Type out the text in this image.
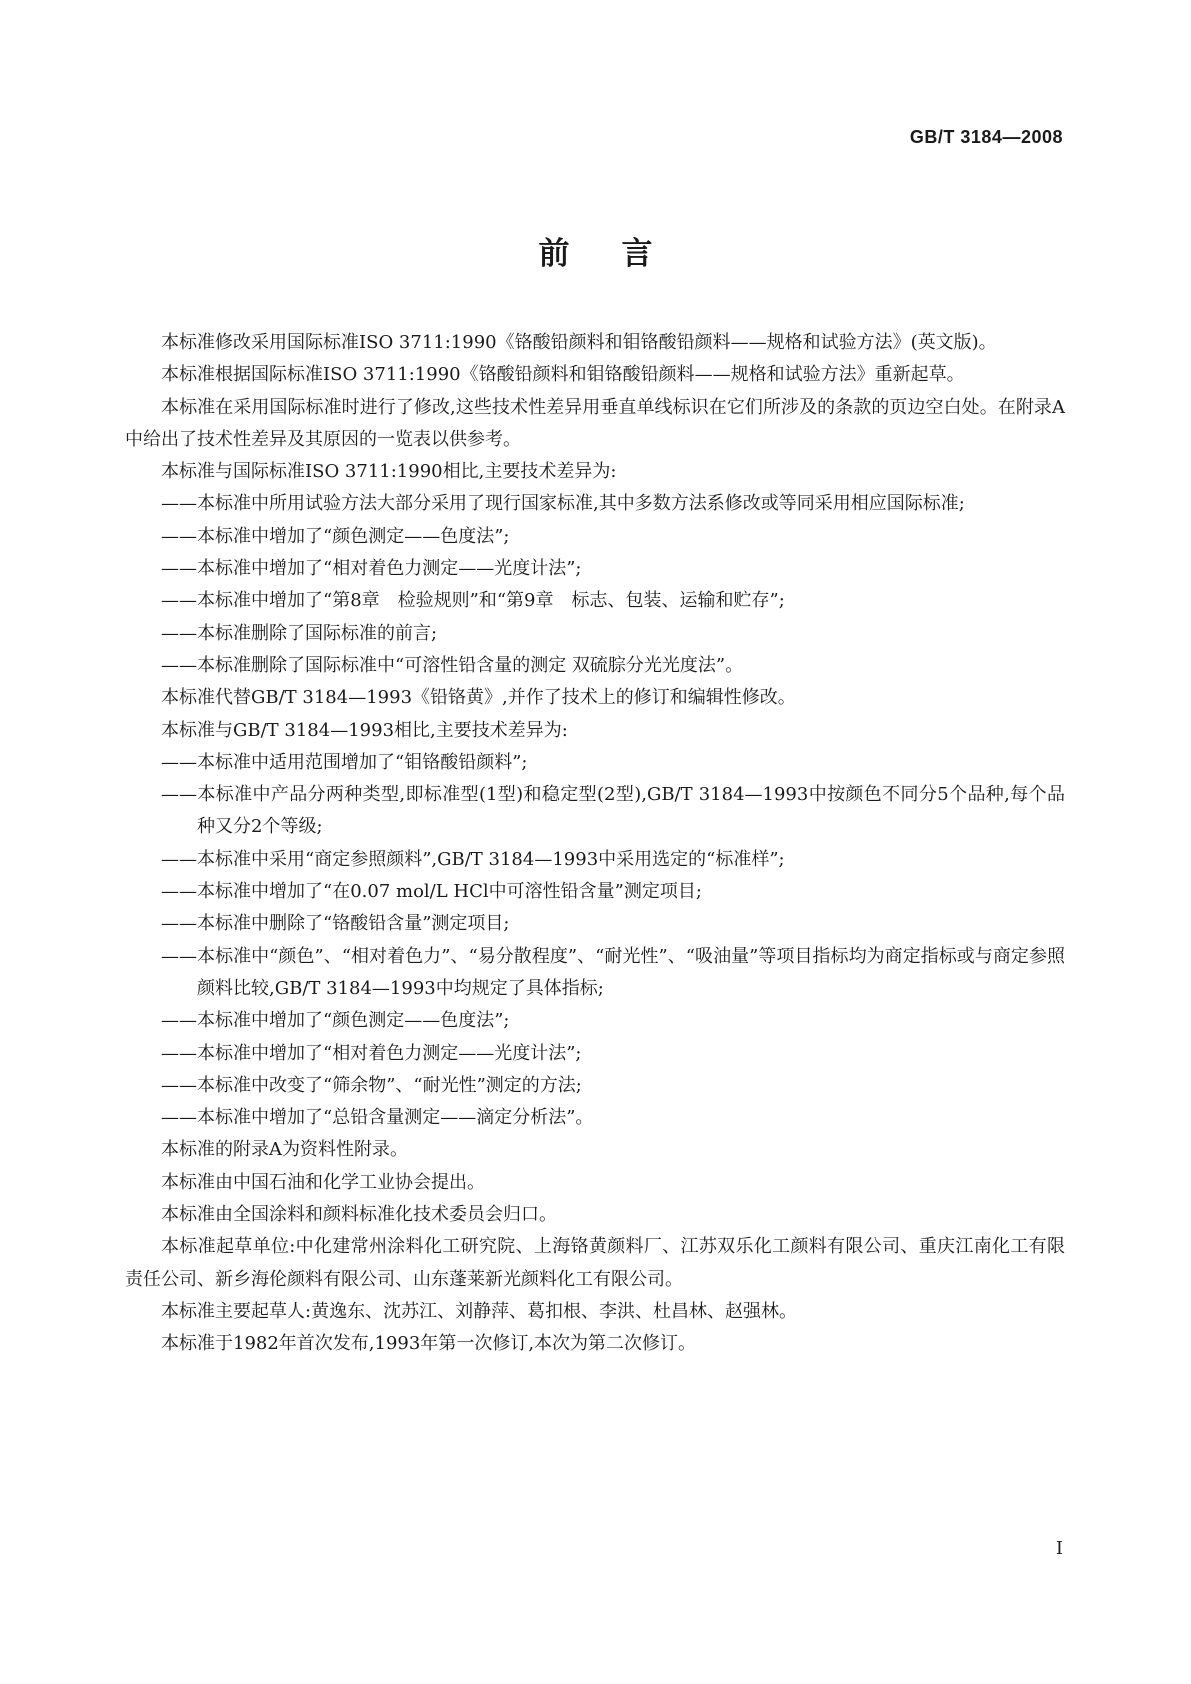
GB/T 3184—2008
前言

本标准修改采用国际标准ISO 3711:1990《铬酸铅颜料和钼铬酸铅颜料——规格和试验方法》(英文版)。

本标准根据国际标准ISO 3711:1990《铬酸铅颜料和钼铬酸铅颜料——规格和试验方法》重新起草。

本标准在采用国际标准时进行了修改,这些技术性差异用垂直单线标识在它们所涉及的条款的页边空白处。在附录A中给出了技术性差异及其原因的一览表以供参考。

本标准与国际标准ISO 3711:1990相比,主要技术差异为:

——本标准中所用试验方法大部分采用了现行国家标准,其中多数方法系修改或等同采用相应国际标准;

——本标准中增加了“颜色测定——色度法”;

——本标准中增加了“相对着色力测定——光度计法”;

——本标准中增加了“第8章　检验规则”和“第9章　标志、包装、运输和贮存”;

——本标准删除了国际标准的前言;

——本标准删除了国际标准中“可溶性铅含量的测定 双硫腙分光光度法”。

本标准代替GB/T 3184—1993《铅铬黄》,并作了技术上的修订和编辑性修改。

本标准与GB/T 3184—1993相比,主要技术差异为:

——本标准中适用范围增加了“钼铬酸铅颜料”;

——本标准中产品分两种类型,即标准型(1型)和稳定型(2型),GB/T 3184—1993中按颜色不同分5个品种,每个品种又分2个等级;

——本标准中采用“商定参照颜料”,GB/T 3184—1993中采用选定的“标准样”;

——本标准中增加了“在0.07 mol/L HCl中可溶性铅含量”测定项目;

——本标准中删除了“铬酸铅含量”测定项目;

——本标准中“颜色”、“相对着色力”、“易分散程度”、“耐光性”、“吸油量”等项目指标均为商定指标或与商定参照颜料比较,GB/T 3184—1993中均规定了具体指标;

——本标准中增加了“颜色测定——色度法”;

——本标准中增加了“相对着色力测定——光度计法”;

——本标准中改变了“筛余物”、“耐光性”测定的方法;

——本标准中增加了“总铅含量测定——滴定分析法”。

本标准的附录A为资料性附录。

本标准由中国石油和化学工业协会提出。

本标准由全国涂料和颜料标准化技术委员会归口。

本标准起草单位:中化建常州涂料化工研究院、上海铬黄颜料厂、江苏双乐化工颜料有限公司、重庆江南化工有限责任公司、新乡海伦颜料有限公司、山东蓬莱新光颜料化工有限公司。

本标准主要起草人:黄逸东、沈苏江、刘静萍、葛扣根、李洪、杜昌林、赵强林。

本标准于1982年首次发布,1993年第一次修订,本次为第二次修订。

I
